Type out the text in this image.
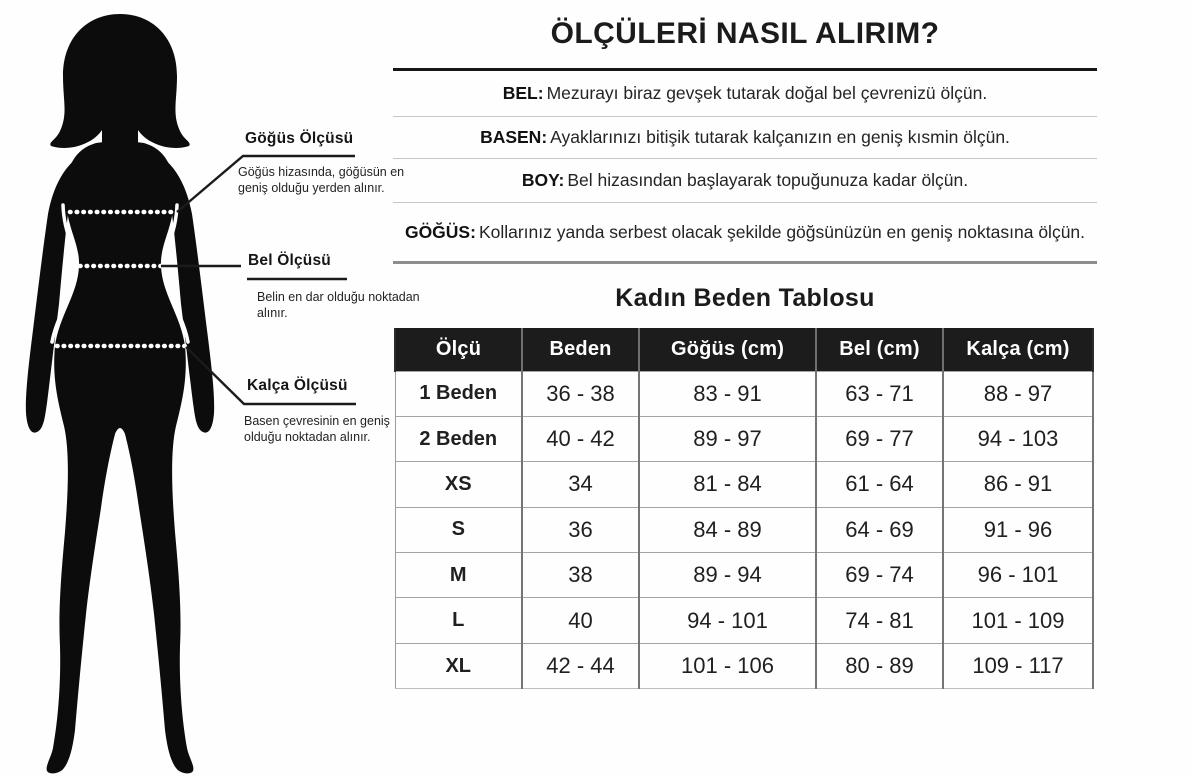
Göğüs Ölçüsü
Göğüs hizasında, göğüsün en geniş olduğu yerden alınır.
Bel Ölçüsü
Belin en dar olduğu noktadan alınır.
Kalça Ölçüsü
Basen çevresinin en geniş olduğu noktadan alınır.
ÖLÇÜLERİ NASIL ALIRIM?

BEL: Mezurayı biraz gevşek tutarak doğal bel çevrenizü ölçün.

BASEN: Ayaklarınızı bitişik tutarak kalçanızın en geniş kısmin ölçün.

BOY: Bel hizasından başlayarak topuğunuza kadar ölçün.

GÖĞÜS: Kollarınız yanda serbest olacak şekilde göğsünüzün en geniş noktasına ölçün.

Kadın Beden Tablosu
Ölçü	Beden	Göğüs (cm)	Bel (cm)	Kalça (cm)
1 Beden	36 - 38	83 - 91	63 - 71	88 - 97
2 Beden	40 - 42	89 - 97	69 - 77	94 - 103
XS	34	81 - 84	61 - 64	86 - 91
S	36	84 - 89	64 - 69	91 - 96
M	38	89 - 94	69 - 74	96 - 101
L	40	94 - 101	74 - 81	101 - 109
XL	42 - 44	101 - 106	80 - 89	109 - 117
